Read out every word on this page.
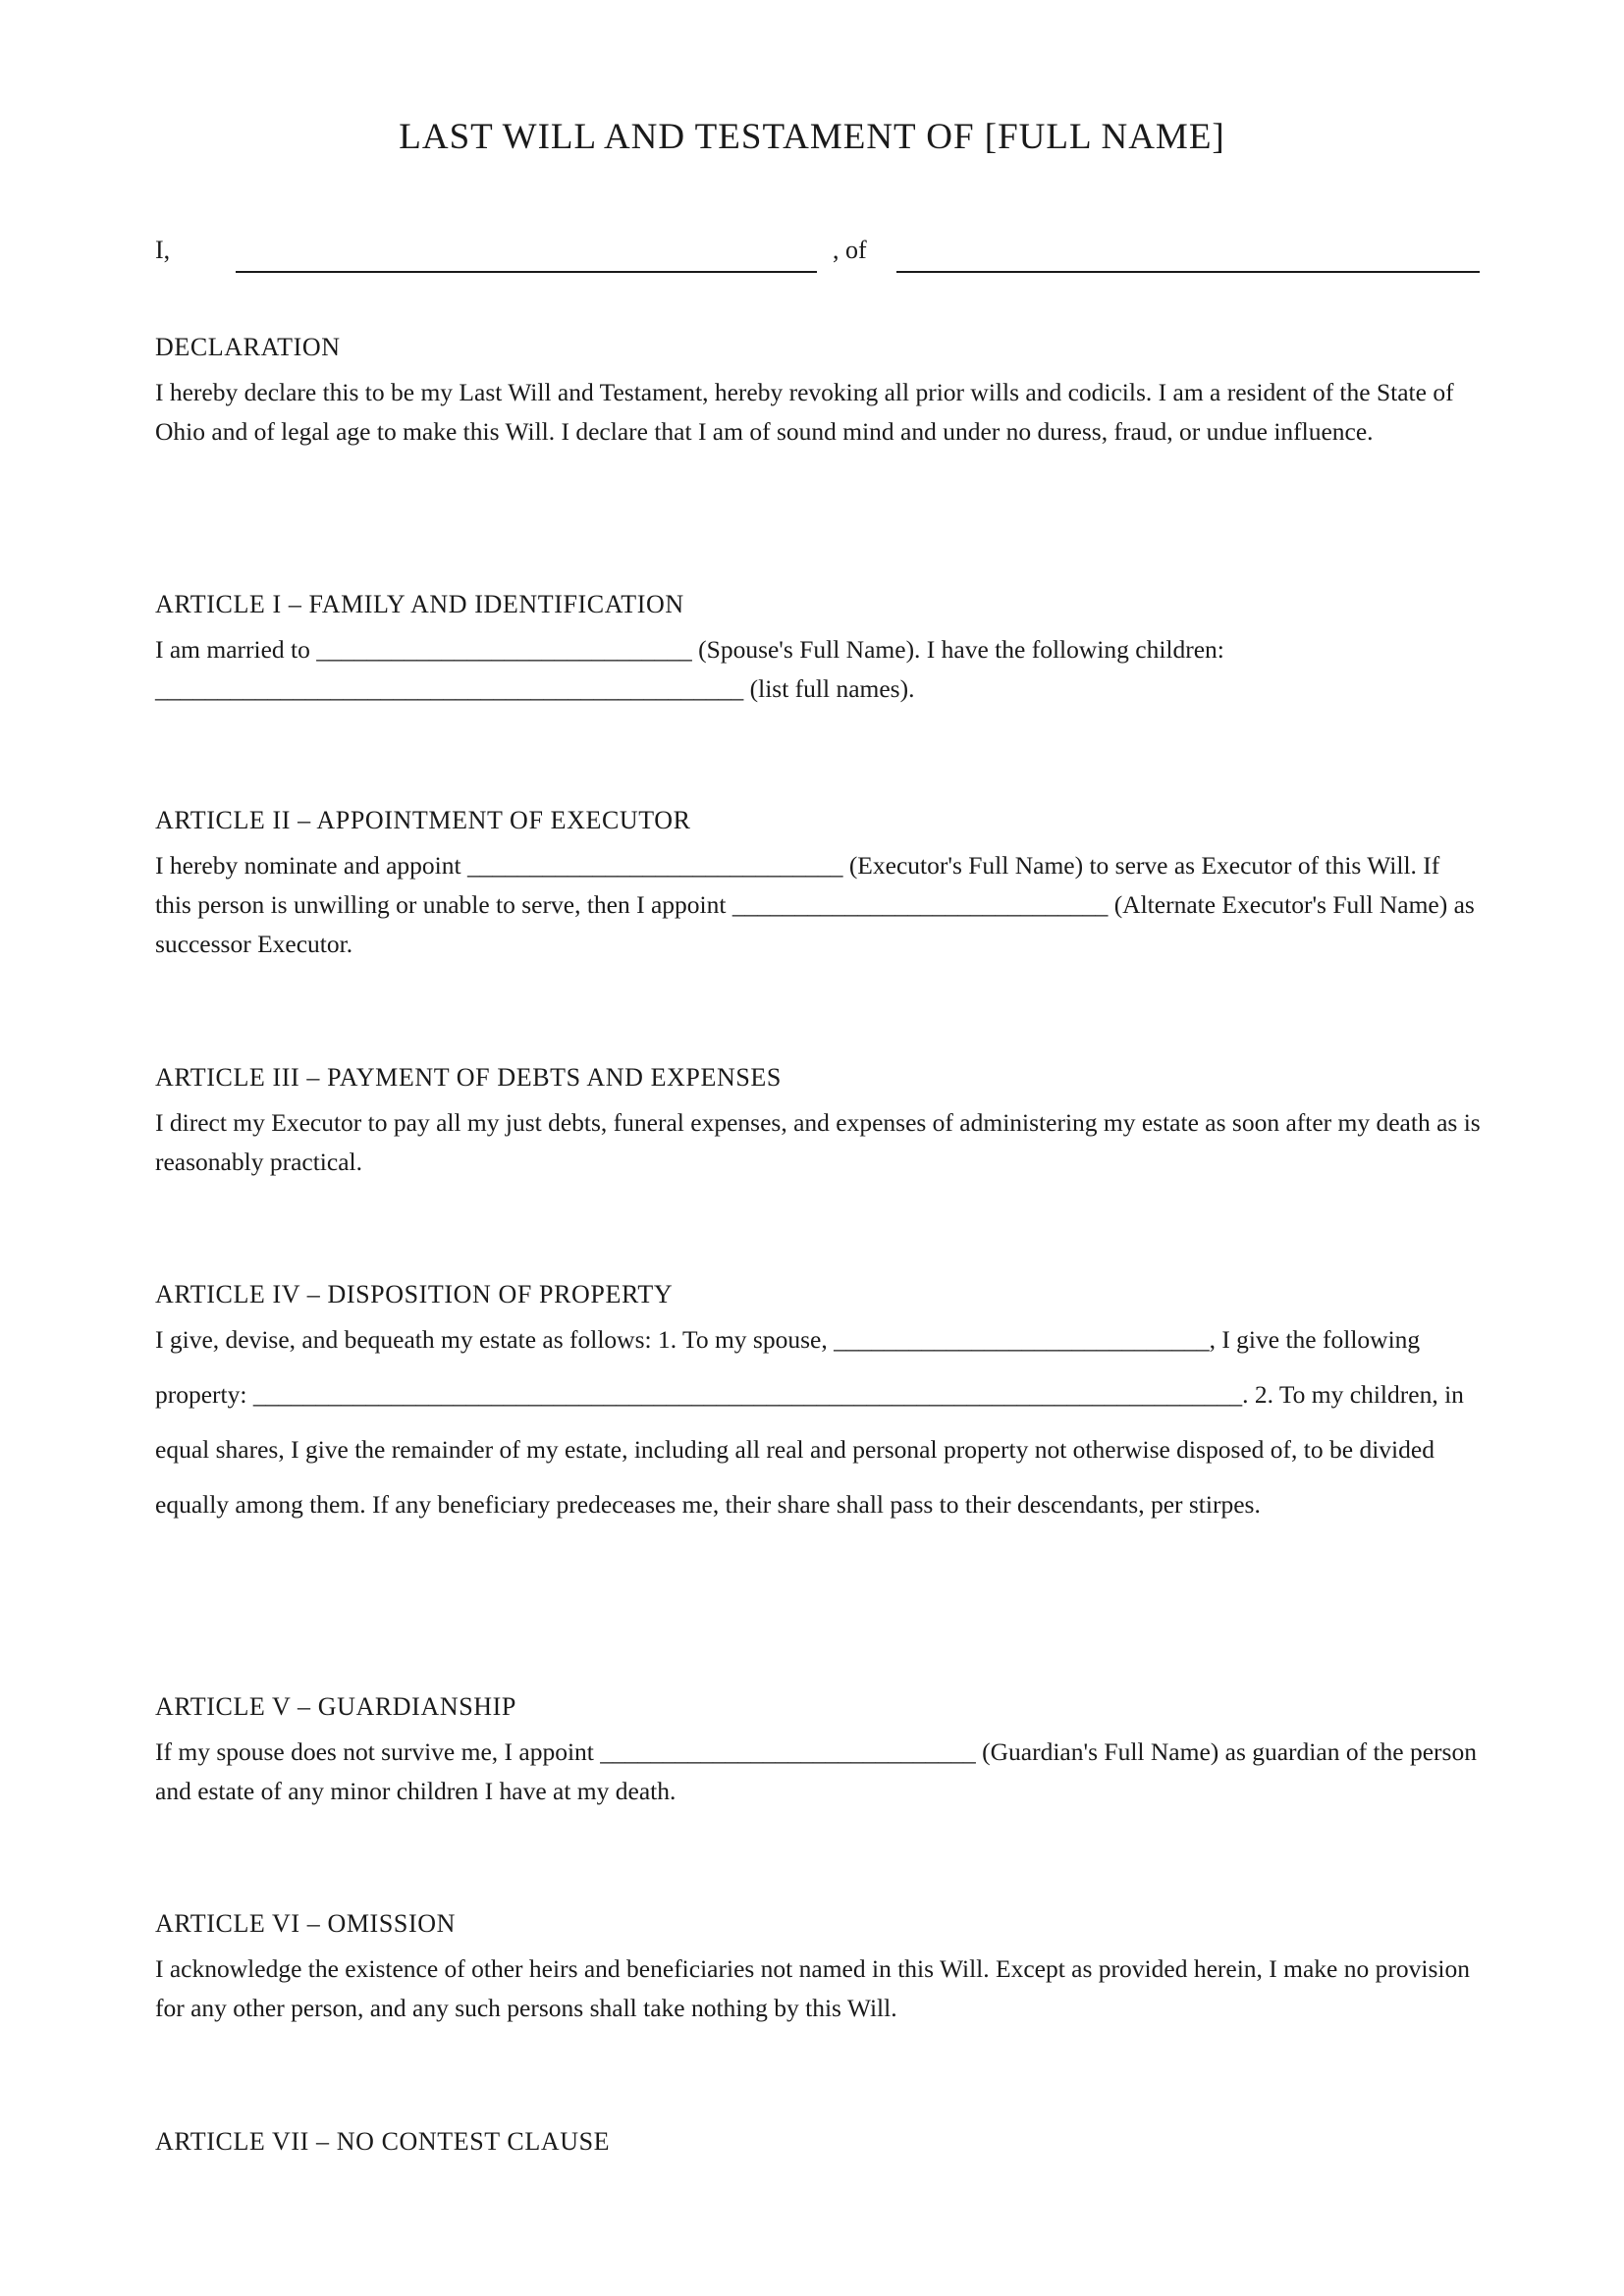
LAST WILL AND TESTAMENT OF [FULL NAME]
I,	, of
DECLARATION

I hereby declare this to be my Last Will and Testament, hereby revoking all prior wills and codicils. I am a resident of the State of Ohio and of legal age to make this Will. I declare that I am of sound mind and under no duress, fraud, or undue influence.

ARTICLE I – FAMILY AND IDENTIFICATION

I am married to ______________________________ (Spouse's Full Name). I have the following children: _______________________________________________ (list full names).

ARTICLE II – APPOINTMENT OF EXECUTOR

I hereby nominate and appoint ______________________________ (Executor's Full Name) to serve as Executor of this Will. If this person is unwilling or unable to serve, then I appoint ______________________________ (Alternate Executor's Full Name) as successor Executor.

ARTICLE III – PAYMENT OF DEBTS AND EXPENSES

I direct my Executor to pay all my just debts, funeral expenses, and expenses of administering my estate as soon after my death as is reasonably practical.

ARTICLE IV – DISPOSITION OF PROPERTY

I give, devise, and bequeath my estate as follows: 1. To my spouse, ______________________________, I give the following property: _______________________________________________________________________________. 2. To my children, in equal shares, I give the remainder of my estate, including all real and personal property not otherwise disposed of, to be divided equally among them. If any beneficiary predeceases me, their share shall pass to their descendants, per stirpes.

ARTICLE V – GUARDIANSHIP

If my spouse does not survive me, I appoint ______________________________ (Guardian's Full Name) as guardian of the person and estate of any minor children I have at my death.

ARTICLE VI – OMISSION

I acknowledge the existence of other heirs and beneficiaries not named in this Will. Except as provided herein, I make no provision for any other person, and any such persons shall take nothing by this Will.

ARTICLE VII – NO CONTEST CLAUSE
